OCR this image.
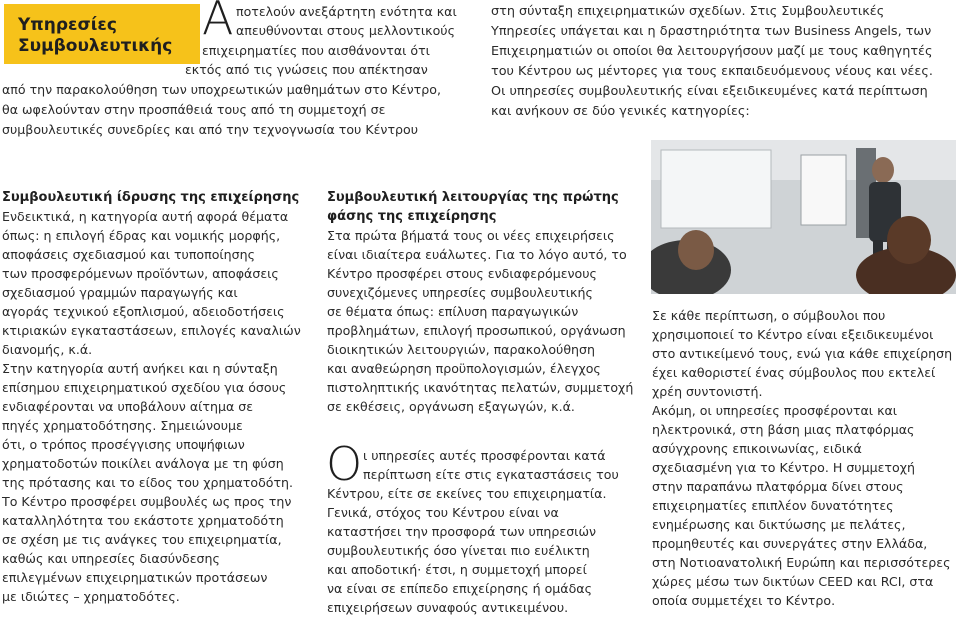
Υπηρεσίες
Συμβουλευτικής
Α ποτελούν ανεξάρτητη ενότητα και

απευθύνονται στους μελλοντικούς

επιχειρηματίες που αισθάνονται ότι

εκτός από τις γνώσεις που απέκτησαν

από την παρακολούθηση των υποχρεωτικών μαθημάτων στο Κέντρο,

θα ωφελούνταν στην προσπάθειά τους από τη συμμετοχή σε

συμβουλευτικές συνεδρίες και από την τεχνογνωσία του Κέντρου

στη σύνταξη επιχειρηματικών σχεδίων. Στις Συμβουλευτικές

Υπηρεσίες υπάγεται και η δραστηριότητα των Business Angels, των

Επιχειρηματιών οι οποίοι θα λειτουργήσουν μαζί με τους καθηγητές

του Κέντρου ως μέντορες για τους εκπαιδευόμενους νέους και νέες.

Οι υπηρεσίες συμβουλευτικής είναι εξειδικευμένες κατά περίπτωση

και ανήκουν σε δύο γενικές κατηγορίες:

Συμβουλευτική ίδρυσης της επιχείρησης

Ενδεικτικά, η κατηγορία αυτή αφορά θέματα

όπως: η επιλογή έδρας και νομικής μορφής,

αποφάσεις σχεδιασμού και τυποποίησης

των προσφερόμενων προϊόντων, αποφάσεις

σχεδιασμού γραμμών παραγωγής και

αγοράς τεχνικού εξοπλισμού, αδειοδοτήσεις

κτιριακών εγκαταστάσεων, επιλογές καναλιών

διανομής, κ.ά.

Στην κατηγορία αυτή ανήκει και η σύνταξη

επίσημου επιχειρηματικού σχεδίου για όσους

ενδιαφέρονται να υποβάλουν αίτημα σε

πηγές χρηματοδότησης. Σημειώνουμε

ότι, ο τρόπος προσέγγισης υποψήφιων

χρηματοδοτών ποικίλει ανάλογα με τη φύση

της πρότασης και το είδος του χρηματοδότη.

Το Κέντρο προσφέρει συμβουλές ως προς την

καταλληλότητα του εκάστοτε χρηματοδότη

σε σχέση με τις ανάγκες του επιχειρηματία,

καθώς και υπηρεσίες διασύνδεσης

επιλεγμένων επιχειρηματικών προτάσεων

με ιδιώτες – χρηματοδότες.

Συμβουλευτική λειτουργίας της πρώτης

φάσης της επιχείρησης

Στα πρώτα βήματά τους οι νέες επιχειρήσεις

είναι ιδιαίτερα ευάλωτες. Για το λόγο αυτό, το

Κέντρο προσφέρει στους ενδιαφερόμενους

συνεχιζόμενες υπηρεσίες συμβουλευτικής

σε θέματα όπως: επίλυση παραγωγικών

προβλημάτων, επιλογή προσωπικού, οργάνωση

διοικητικών λειτουργιών, παρακολούθηση

και αναθεώρηση προϋπολογισμών, έλεγχος

πιστοληπτικής ικανότητας πελατών, συμμετοχή

σε εκθέσεις, οργάνωση εξαγωγών, κ.ά.

Ο ι υπηρεσίες αυτές προσφέρονται κατά

περίπτωση είτε στις εγκαταστάσεις του

Κέντρου, είτε σε εκείνες του επιχειρηματία.

Γενικά, στόχος του Κέντρου είναι να

καταστήσει την προσφορά των υπηρεσιών

συμβουλευτικής όσο γίνεται πιο ευέλικτη

και αποδοτική· έτσι, η συμμετοχή μπορεί

να είναι σε επίπεδο επιχείρησης ή ομάδας

επιχειρήσεων συναφούς αντικειμένου.

Σε κάθε περίπτωση, ο σύμβουλοι που

χρησιμοποιεί το Κέντρο είναι εξειδικευμένοι

στο αντικείμενό τους, ενώ για κάθε επιχείρηση

έχει καθοριστεί ένας σύμβουλος που εκτελεί

χρέη συντονιστή.

Ακόμη, οι υπηρεσίες προσφέρονται και

ηλεκτρονικά, στη βάση μιας πλατφόρμας

ασύγχρονης επικοινωνίας, ειδικά

σχεδιασμένη για το Κέντρο. Η συμμετοχή

στην παραπάνω πλατφόρμα δίνει στους

επιχειρηματίες επιπλέον δυνατότητες

ενημέρωσης και δικτύωσης με πελάτες,

προμηθευτές και συνεργάτες στην Ελλάδα,

στη Νοτιοανατολική Ευρώπη και περισσότερες

χώρες μέσω των δικτύων CEED και RCI, στα

οποία συμμετέχει το Κέντρο.
